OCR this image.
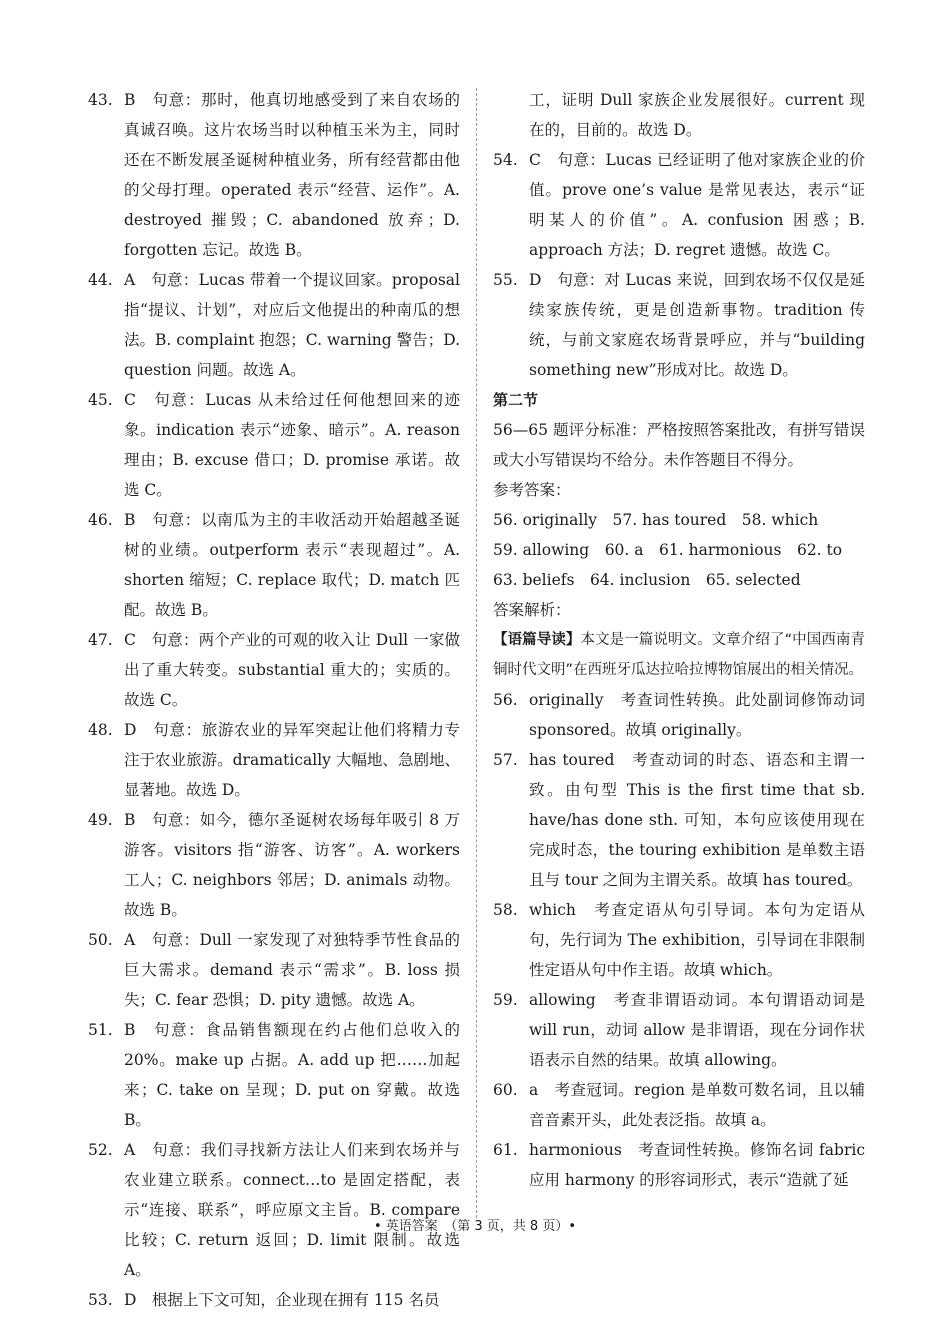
43. B　句意：那时，他真切地感受到了来自农场的真诚召唤。这片农场当时以种植玉米为主，同时还在不断发展圣诞树种植业务，所有经营都由他的父母打理。operated 表示“经营、运作”。A. destroyed 摧毁；C. abandoned 放弃；D. forgotten 忘记。故选 B。

44. A　句意：Lucas 带着一个提议回家。proposal 指“提议、计划”，对应后文他提出的种南瓜的想法。B. complaint 抱怨；C. warning 警告；D. question 问题。故选 A。

45. C　句意：Lucas 从未给过任何他想回来的迹象。indication 表示“迹象、暗示”。A. reason 理由；B. excuse 借口；D. promise 承诺。故选 C。

46. B　句意：以南瓜为主的丰收活动开始超越圣诞树的业绩。outperform 表示“表现超过”。A. shorten 缩短；C. replace 取代；D. match 匹配。故选 B。

47. C　句意：两个产业的可观的收入让 Dull 一家做出了重大转变。substantial 重大的；实质的。故选 C。

48. D　句意：旅游农业的异军突起让他们将精力专注于农业旅游。dramatically 大幅地、急剧地、显著地。故选 D。

49. B　句意：如今，德尔圣诞树农场每年吸引 8 万游客。visitors 指“游客、访客”。A. workers 工人；C. neighbors 邻居；D. animals 动物。故选 B。

50. A　句意：Dull 一家发现了对独特季节性食品的巨大需求。demand 表示“需求”。B. loss 损失；C. fear 恐惧；D. pity 遗憾。故选 A。

51. B　句意：食品销售额现在约占他们总收入的 20%。make up 占据。A. add up 把……加起来；C. take on 呈现；D. put on 穿戴。故选 B。

52. A　句意：我们寻找新方法让人们来到农场并与农业建立联系。connect…to 是固定搭配，表示“连接、联系”，呼应原文主旨。B. compare 比较；C. return 返回；D. limit 限制。故选 A。

53. D　根据上下文可知，企业现在拥有 115 名员

工，证明 Dull 家族企业发展很好。current 现在的，目前的。故选 D。

54. C　句意：Lucas 已经证明了他对家族企业的价值。prove one’s value 是常见表达，表示“证明某人的价值”。A. confusion 困惑；B. approach 方法；D. regret 遗憾。故选 C。

55. D　句意：对 Lucas 来说，回到农场不仅仅是延续家族传统，更是创造新事物。tradition 传统，与前文家庭农场背景呼应，并与“building something new”形成对比。故选 D。

第二节

56—65 题评分标准：严格按照答案批改，有拼写错误或大小写错误均不给分。未作答题目不得分。

参考答案：

56. originally　57. has toured　58. which

59. allowing　60. a　61. harmonious　62. to

63. beliefs　64. inclusion　65. selected

答案解析：

【语篇导读】本文是一篇说明文。文章介绍了“中国西南青铜时代文明”在西班牙瓜达拉哈拉博物馆展出的相关情况。

56. originally　考查词性转换。此处副词修饰动词 sponsored。故填 originally。

57. has toured　考查动词的时态、语态和主谓一致。由句型 This is the first time that sb. have/has done sth. 可知，本句应该使用现在完成时态，the touring exhibition 是单数主语且与 tour 之间为主谓关系。故填 has toured。

58. which　考查定语从句引导词。本句为定语从句，先行词为 The exhibition，引导词在非限制性定语从句中作主语。故填 which。

59. allowing　考查非谓语动词。本句谓语动词是 will run，动词 allow 是非谓语，现在分词作状语表示自然的结果。故填 allowing。

60. a　考查冠词。region 是单数可数名词，且以辅音音素开头，此处表泛指。故填 a。

61. harmonious　考查词性转换。修饰名词 fabric 应用 harmony 的形容词形式，表示“造就了延

• 英语答案　（第 3 页，共 8 页）•
